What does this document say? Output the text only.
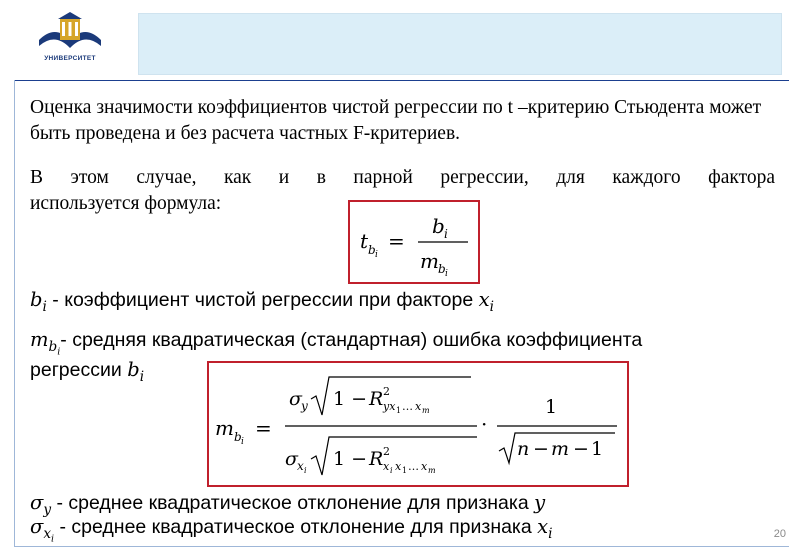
УНИВЕРСИТЕТ
Оценка значимости коэффициентов чистой регрессии по t –критерию Стьюдента может быть проведена и без расчета частных F-критериев.
В этом случае, как и в парной регрессии, для каждого фактора
используется формула:
t b i
=
b i
m b i
$b_i$ - коэффициент чистой регрессии при факторе $x_i$
$m_{b_i}-$ средняя квадратическая (стандартная) ошибка коэффициента
регрессии $b_i$
m b i
=
σ y 1 − R 2
yx 1 … x m
σ x i
1 − R 2
x i x 1 … x m
·
1
n − m − 1
$\sigma_y$ - среднее квадратическое отклонение для признака y
$\sigma_{x_i}$ - среднее квадратическое отклонение для признака $x_i$	20
